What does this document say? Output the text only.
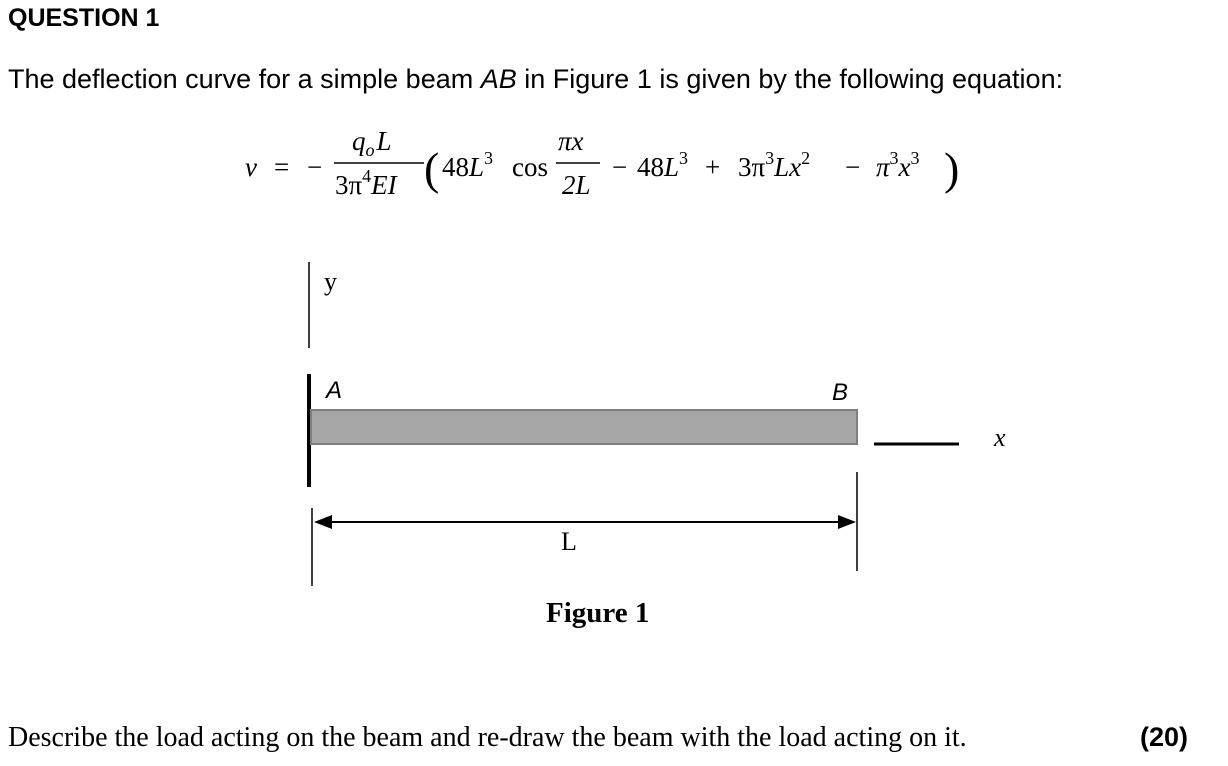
QUESTION 1
The deflection curve for a simple beam AB in Figure 1 is given by the following equation:
v = −
$q_oL$
$3\pi^4EI$ ( $48L^3$ cos
πx
2L
− $48L^3 + 3\pi^3Lx^2 - \pi^3x^3$ )
y
A	B
x
L
Figure 1
Describe the load acting on the beam and re-draw the beam with the load acting on it.	(20)
